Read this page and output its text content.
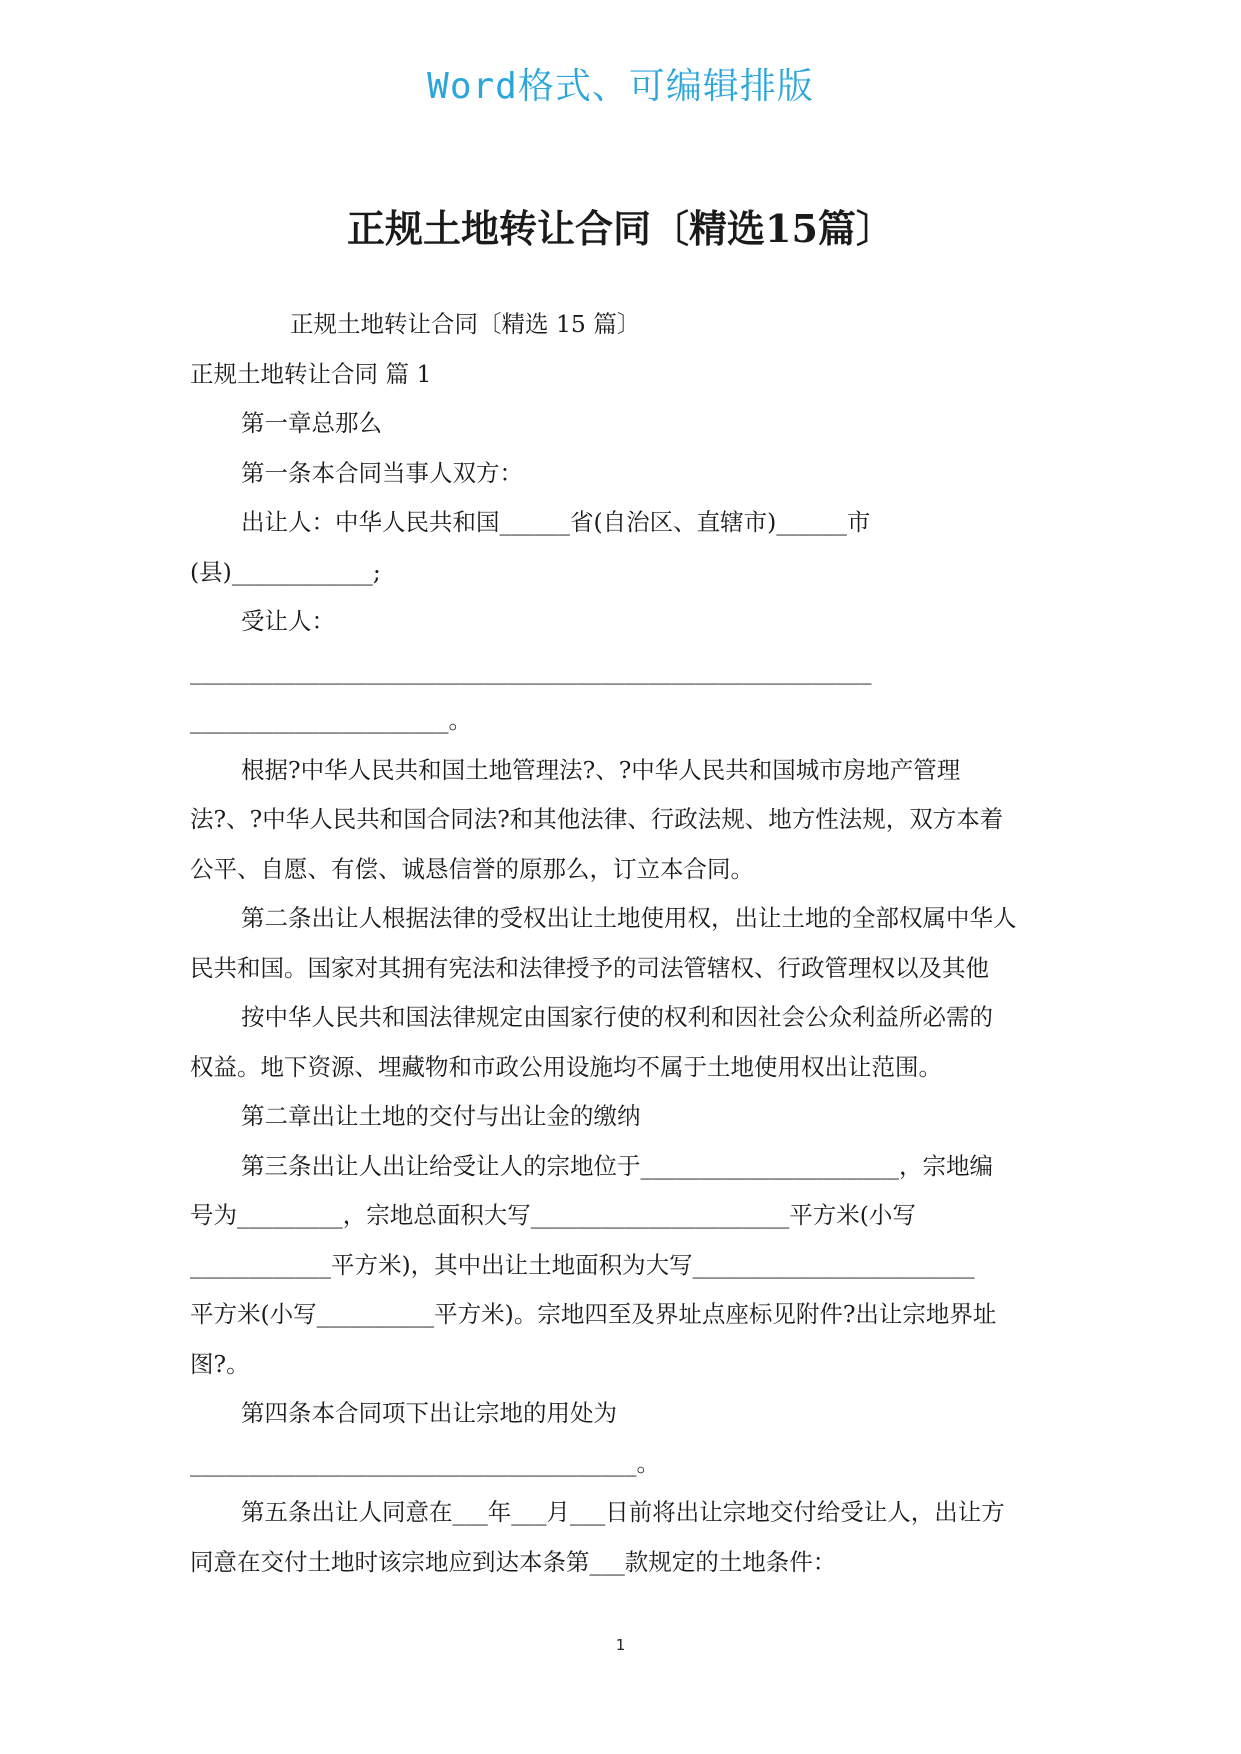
Word格式、可编辑排版
正规土地转让合同〔精选15篇〕
正规土地转让合同〔精选 15 篇〕
正规土地转让合同 篇 1
第一章总那么
第一条本合同当事人双方：
出让人：中华人民共和国______省(自治区、直辖市)______市
(县)____________;
受让人：
__________________________________________________________
______________________。
根据?中华人民共和国土地管理法?、?中华人民共和国城市房地产管理
法?、?中华人民共和国合同法?和其他法律、行政法规、地方性法规，双方本着
公平、自愿、有偿、诚恳信誉的原那么，订立本合同。
第二条出让人根据法律的受权出让土地使用权，出让土地的全部权属中华人
民共和国。国家对其拥有宪法和法律授予的司法管辖权、行政管理权以及其他
按中华人民共和国法律规定由国家行使的权利和因社会公众利益所必需的
权益。地下资源、埋藏物和市政公用设施均不属于土地使用权出让范围。
第二章出让土地的交付与出让金的缴纳
第三条出让人出让给受让人的宗地位于______________________，宗地编
号为_________，宗地总面积大写______________________平方米(小写
____________平方米)，其中出让土地面积为大写________________________
平方米(小写__________平方米)。宗地四至及界址点座标见附件?出让宗地界址
图?。
第四条本合同项下出让宗地的用处为
______________________________________。
第五条出让人同意在___年___月___日前将出让宗地交付给受让人，出让方
同意在交付土地时该宗地应到达本条第___款规定的土地条件：
1
